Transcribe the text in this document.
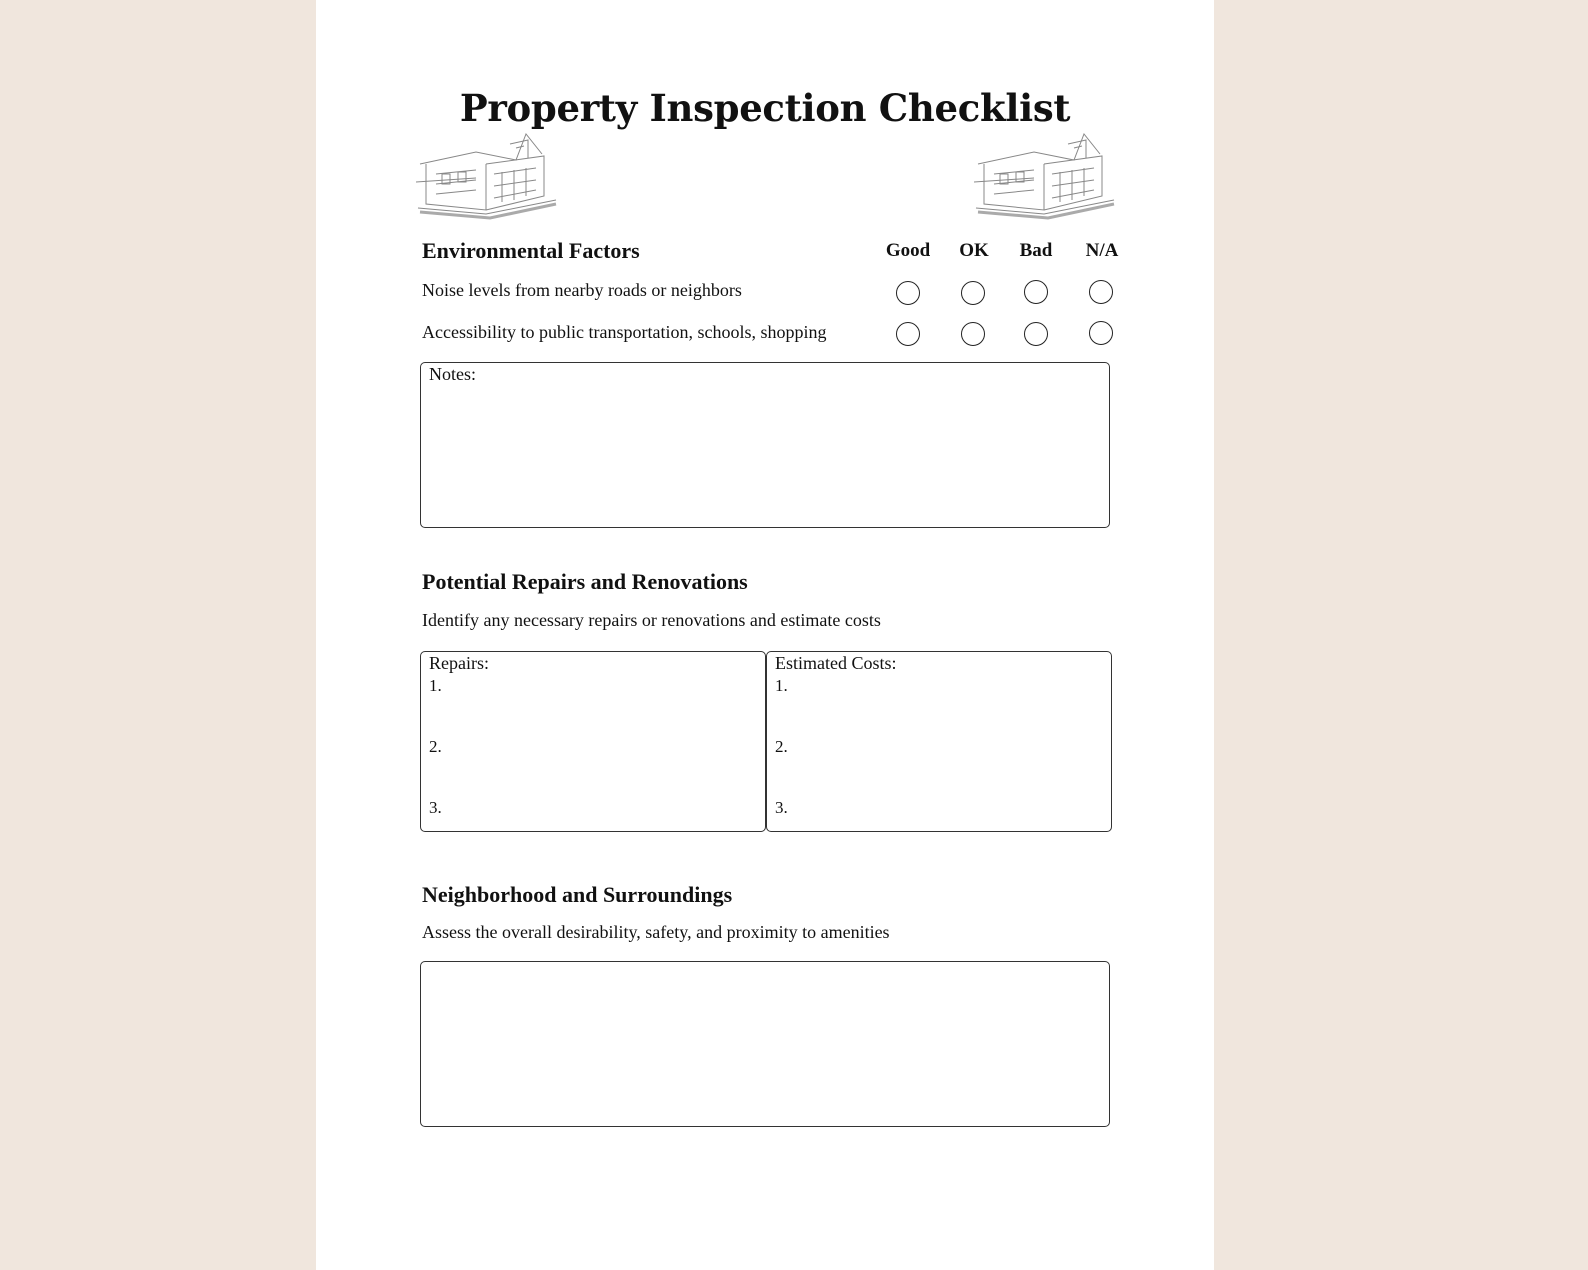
Property Inspection Checklist
Environmental Factors	Good	OK	Bad	N/A
Noise levels from nearby roads or neighbors
Accessibility to public transportation, schools, shopping
Notes:
Potential Repairs and Renovations
Identify any necessary repairs or renovations and estimate costs
Repairs:
1.
2.
3.
Estimated Costs:
1.
2.
3.
Neighborhood and Surroundings
Assess the overall desirability, safety, and proximity to amenities
